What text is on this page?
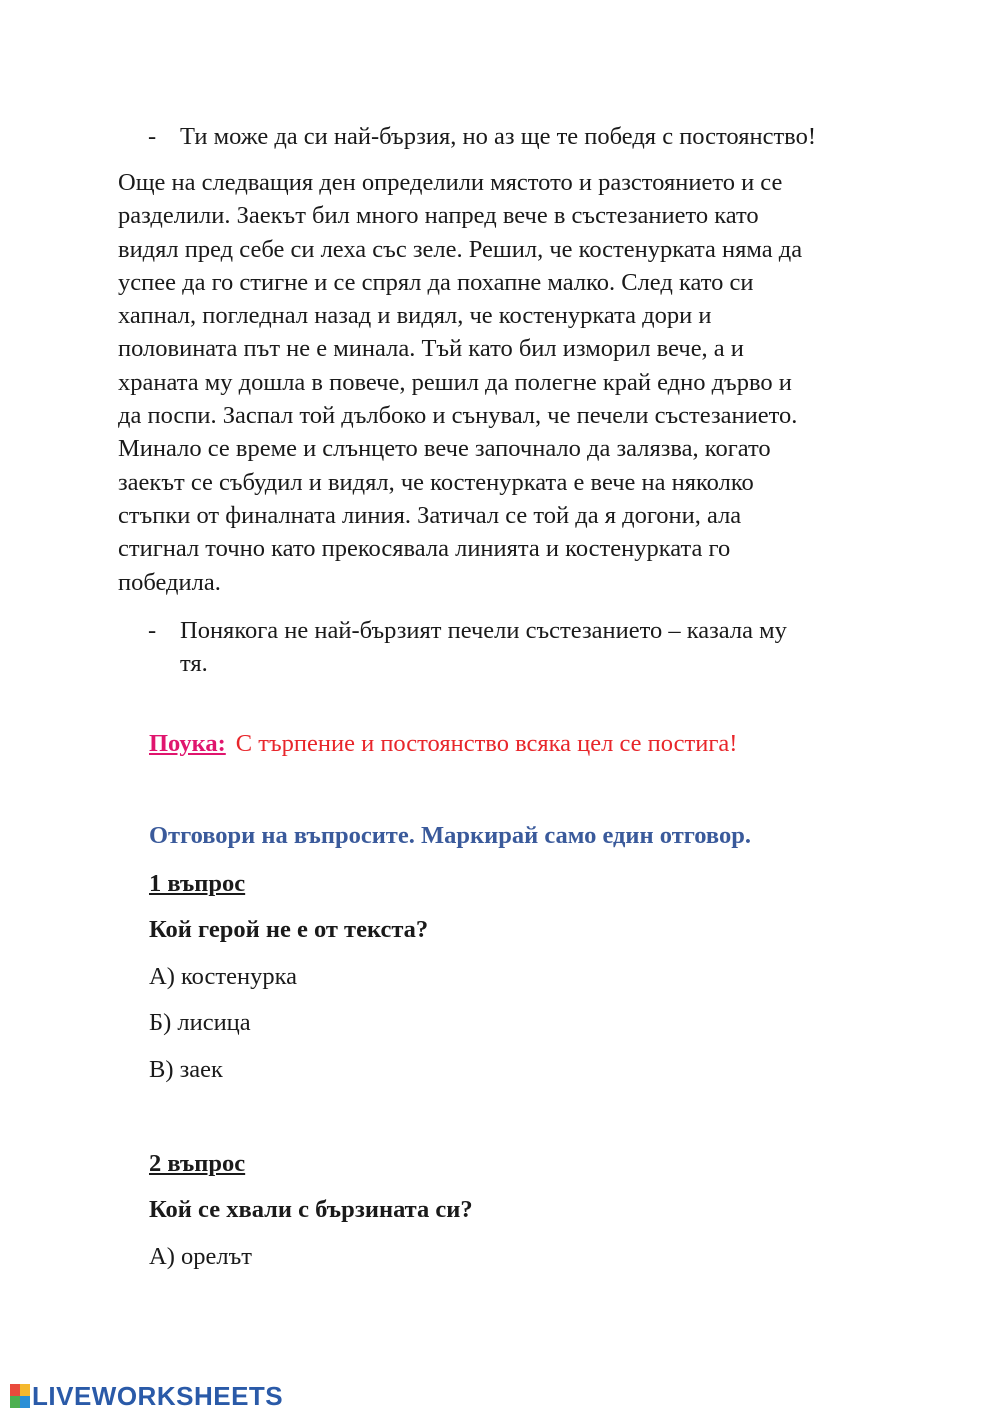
- Ти може да си най-бързия, но аз ще те победя с постоянство!
Още на следващия ден определили мястото и разстоянието и се
разделили. Заекът бил много напред вече в състезанието като
видял пред себе си леха със зеле. Решил, че костенурката няма да
успее да го стигне и се спрял да похапне малко. След като си
хапнал, погледнал назад и видял, че костенурката дори и
половината път не е минала. Тъй като бил изморил вече, а и
храната му дошла в повече, решил да полегне край едно дърво и
да поспи. Заспал той дълбоко и сънувал, че печели състезанието.
Минало се време и слънцето вече започнало да залязва, когато
заекът се събудил и видял, че костенурката е вече на няколко
стъпки от финалната линия. Затичал се той да я догони, ала
стигнал точно като прекосявала линията и костенурката го
победила.
- Понякога не най-бързият печели състезанието – казала му
тя.
Поука: С търпение и постоянство всяка цел се постига!
Отговори на въпросите. Маркирай само един отговор.
1 въпрос
Кой герой не е от текста?
А) костенурка
Б) лисица
В) заек
2 въпрос
Кой се хвали с бързината си?
А) орелът
LIVEWORKSHEETS
